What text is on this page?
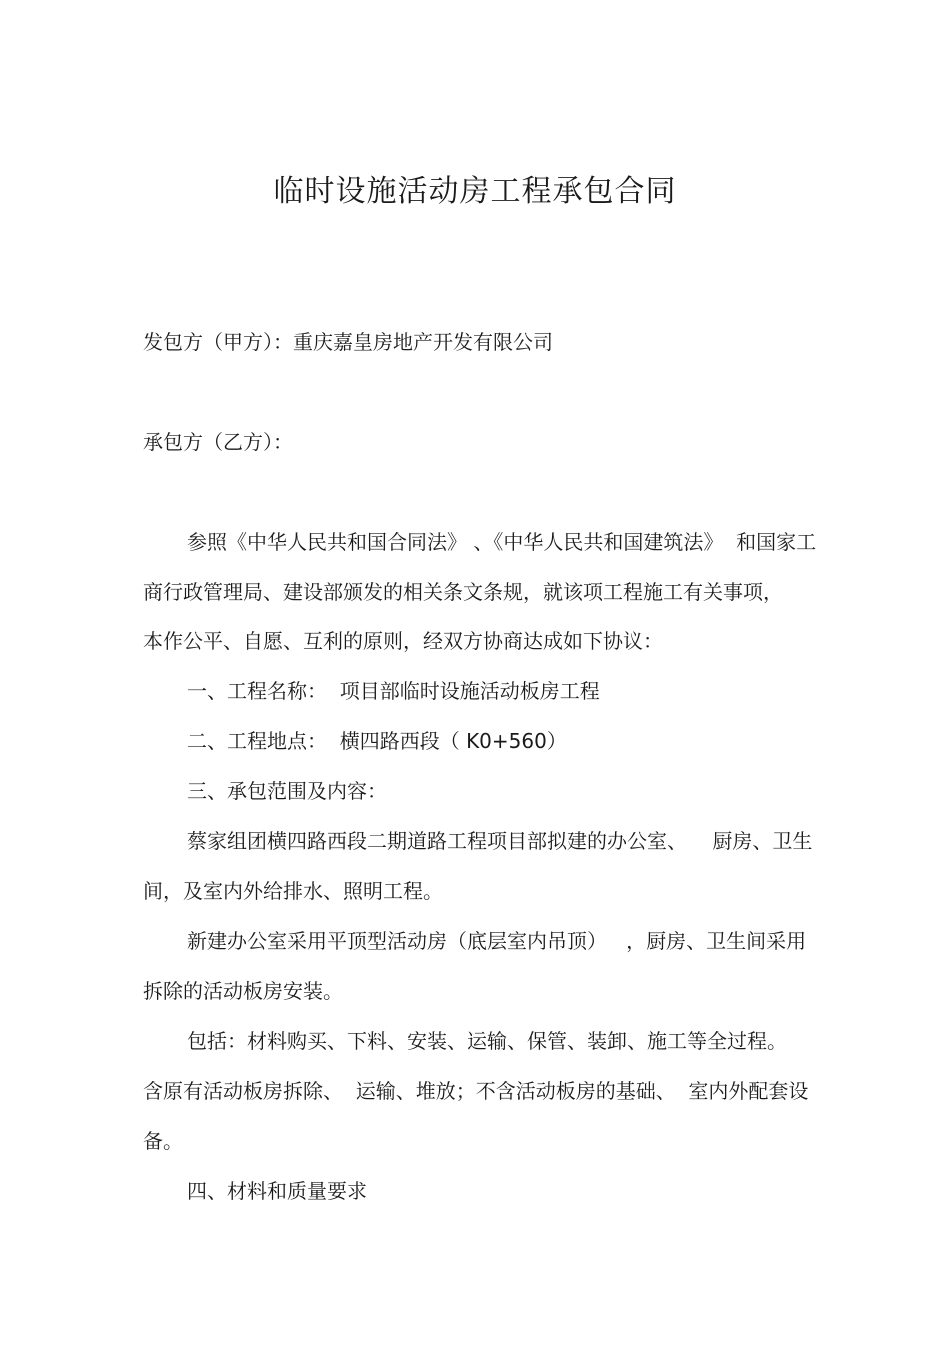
临时设施活动房工程承包合同
发包方（甲方）：重庆嘉皇房地产开发有限公司
承包方（乙方）：
参照《中华人民共和国合同法》 、《中华人民共和国建筑法》  和国家工
商行政管理局、建设部颁发的相关条文条规，就该项工程施工有关事项，
本作公平、自愿、互利的原则，经双方协商达成如下协议：
一、工程名称：  项目部临时设施活动板房工程
二、工程地点：  横四路西段（ K0+560）
三、承包范围及内容：
蔡家组团横四路西段二期道路工程项目部拟建的办公室、    厨房、卫生
间，及室内外给排水、照明工程。
新建办公室采用平顶型活动房（底层室内吊顶）   ，厨房、卫生间采用
拆除的活动板房安装。
包括：材料购买、下料、安装、运输、保管、装卸、施工等全过程。
含原有活动板房拆除、  运输、堆放；不含活动板房的基础、  室内外配套设
备。
四、材料和质量要求
